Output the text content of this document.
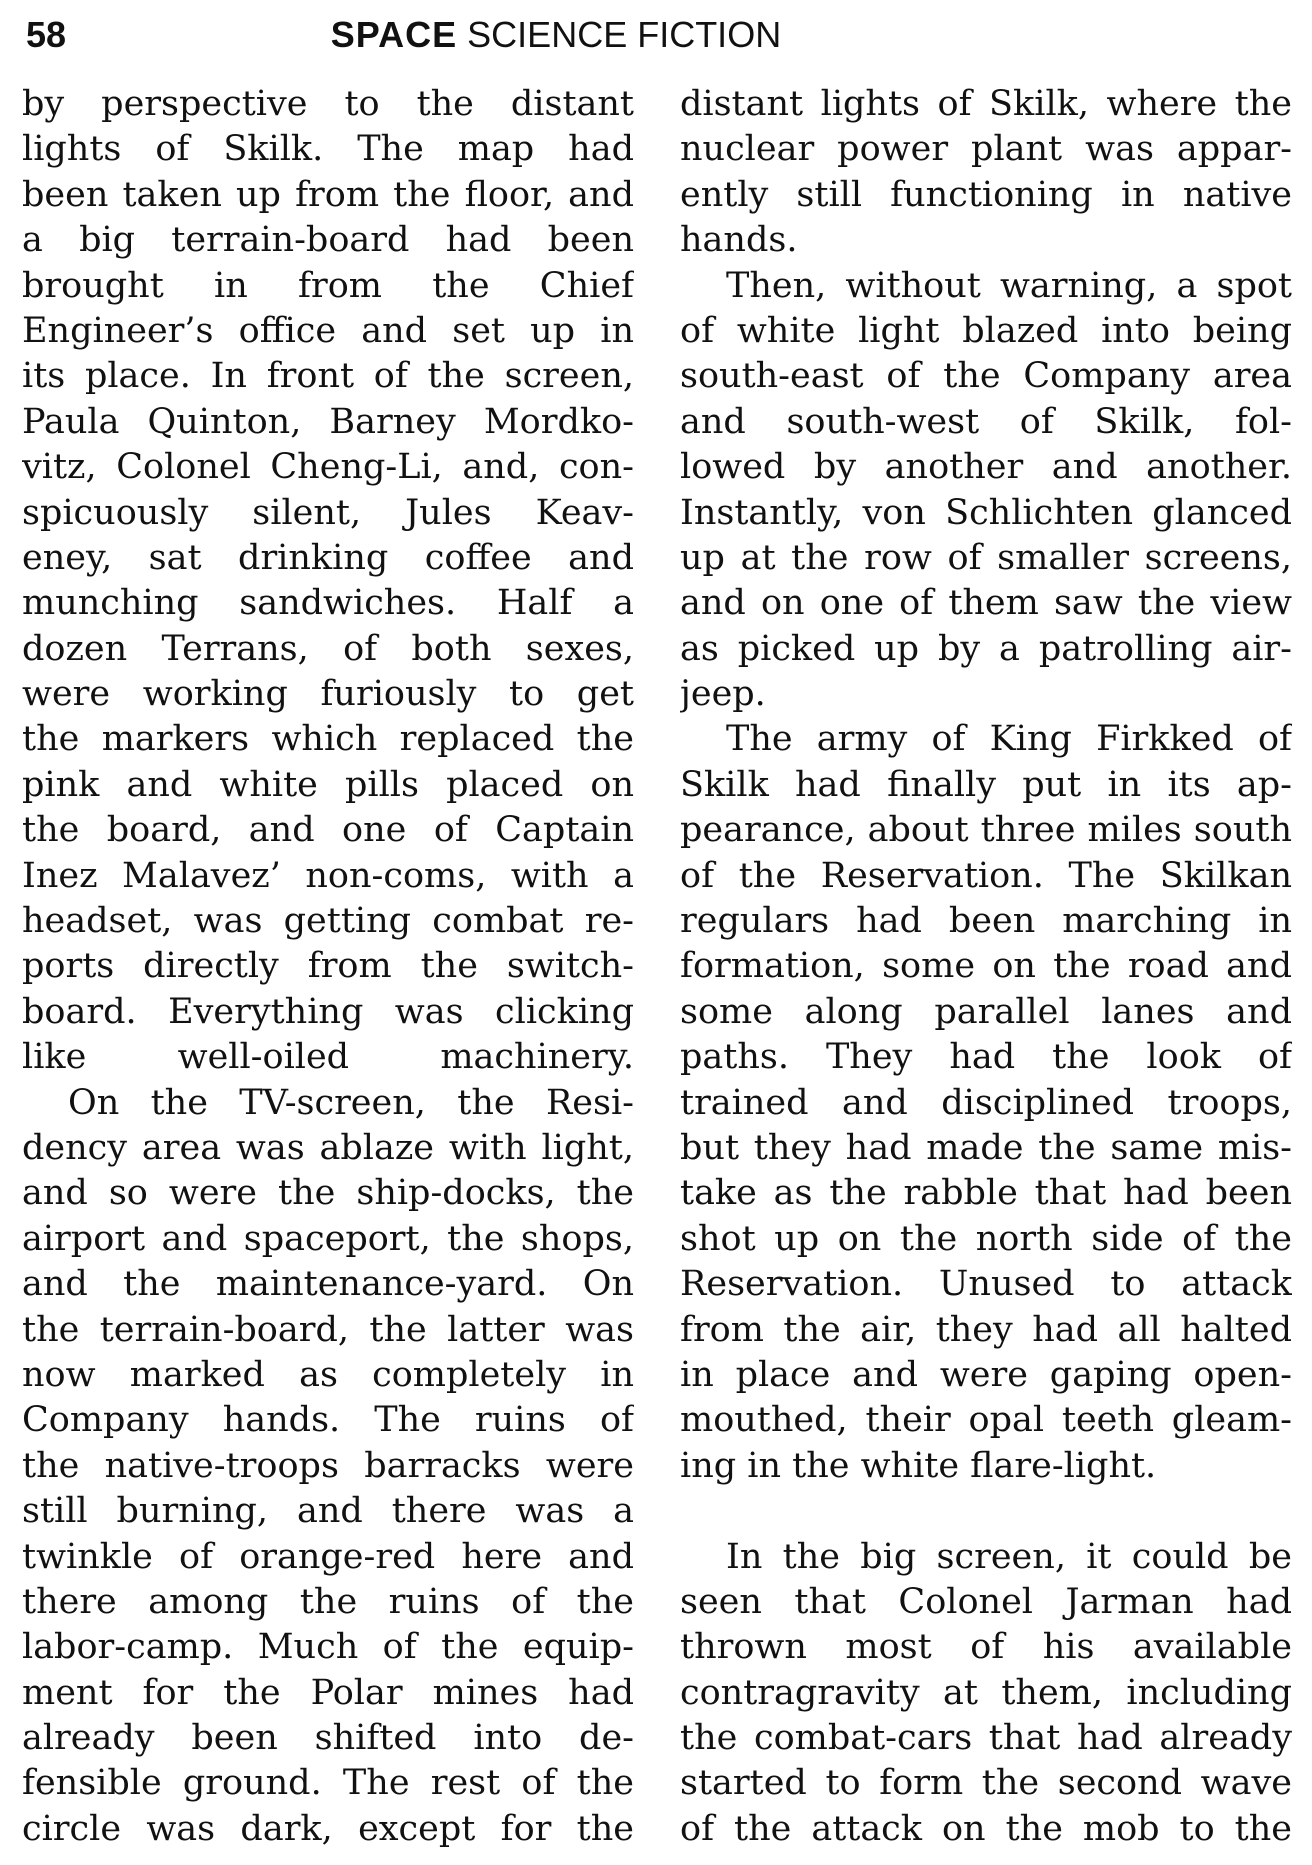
58	SPACE SCIENCE FICTION
by perspective to the distant
lights of Skilk. The map had
been taken up from the floor, and
a big terrain-board had been
brought in from the Chief
Engineer’s office and set up in
its place. In front of the screen,
Paula Quinton, Barney Mordko-
vitz, Colonel Cheng-Li, and, con-
spicuously silent, Jules Keav-
eney, sat drinking coffee and
munching sandwiches. Half a
dozen Terrans, of both sexes,
were working furiously to get
the markers which replaced the
pink and white pills placed on
the board, and one of Captain
Inez Malavez’ non-coms, with a
headset, was getting combat re-
ports directly from the switch-
board. Everything was clicking
like well-oiled machinery.
On the TV-screen, the Resi-
dency area was ablaze with light,
and so were the ship-docks, the
airport and spaceport, the shops,
and the maintenance-yard. On
the terrain-board, the latter was
now marked as completely in
Company hands. The ruins of
the native-troops barracks were
still burning, and there was a
twinkle of orange-red here and
there among the ruins of the
labor-camp. Much of the equip-
ment for the Polar mines had
already been shifted into de-
fensible ground. The rest of the
circle was dark, except for the
distant lights of Skilk, where the
nuclear power plant was appar-
ently still functioning in native
hands.
Then, without warning, a spot
of white light blazed into being
south-east of the Company area
and south-west of Skilk, fol-
lowed by another and another.
Instantly, von Schlichten glanced
up at the row of smaller screens,
and on one of them saw the view
as picked up by a patrolling air-
jeep.
The army of King Firkked of
Skilk had finally put in its ap-
pearance, about three miles south
of the Reservation. The Skilkan
regulars had been marching in
formation, some on the road and
some along parallel lanes and
paths. They had the look of
trained and disciplined troops,
but they had made the same mis-
take as the rabble that had been
shot up on the north side of the
Reservation. Unused to attack
from the air, they had all halted
in place and were gaping open-
mouthed, their opal teeth gleam-
ing in the white flare-light.
In the big screen, it could be
seen that Colonel Jarman had
thrown most of his available
contragravity at them, including
the combat-cars that had already
started to form the second wave
of the attack on the mob to the
